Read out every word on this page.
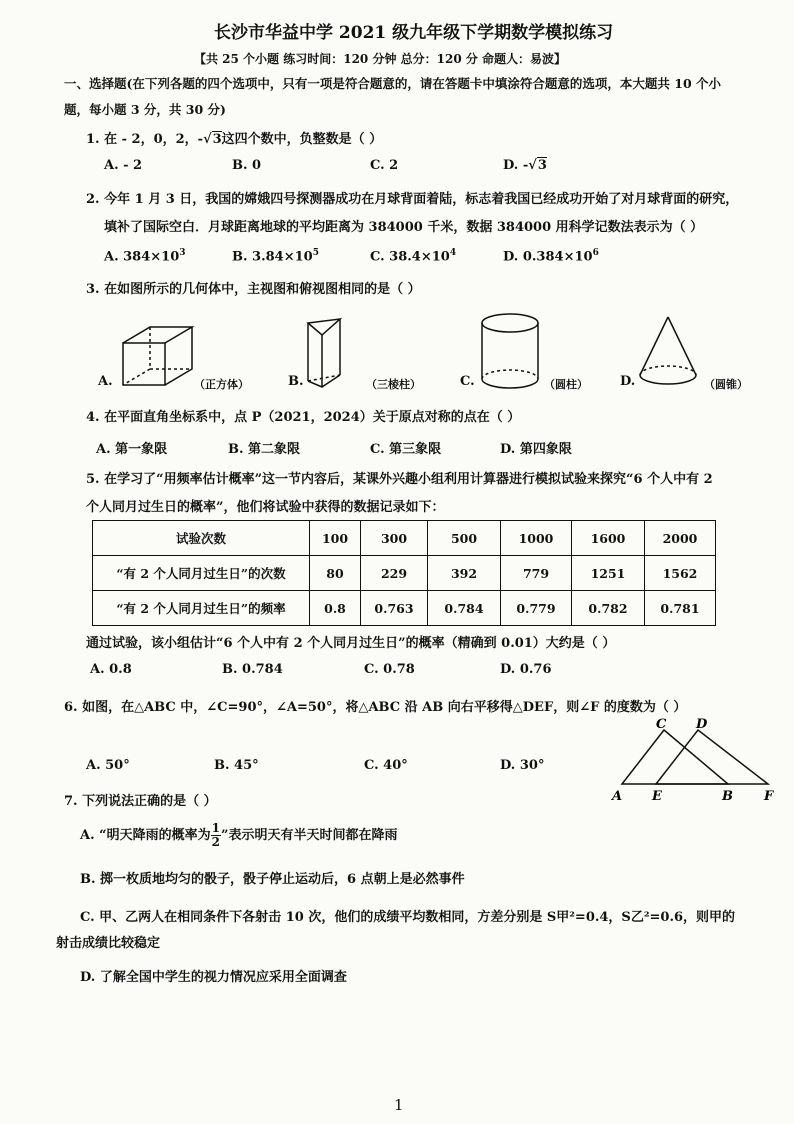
长沙市华益中学 2021 级九年级下学期数学模拟练习
【共 25 个小题 练习时间：120 分钟 总分：120 分 命题人：易波】
一、选择题(在下列各题的四个选项中，只有一项是符合题意的，请在答题卡中填涂符合题意的选项，本大题共 10 个小
题，每小题 3 分，共 30 分)
1. 在 - 2，0，2，-√3这四个数中，负整数是（ ）
A. - 2	B. 0	C. 2	D. -√3
2. 今年 1 月 3 日，我国的嫦娥四号探测器成功在月球背面着陆，标志着我国已经成功开始了对月球背面的研究，
填补了国际空白．月球距离地球的平均距离为 384000 千米，数据 384000 用科学记数法表示为（ ）
A. $384\times 10^3$	B. $3.84\times 10^5$	C. $38.4\times 10^4$	D. $0.384\times 10^6$
3. 在如图所示的几何体中，主视图和俯视图相同的是（ ）
A.	（正方体）	B.	（三棱柱）	C.	（圆柱） D.	（圆锥）
4. 在平面直角坐标系中，点 P（2021，2024）关于原点对称的点在（ ）
A. 第一象限	B. 第二象限	C. 第三象限	D. 第四象限
5. 在学习了“用频率估计概率”这一节内容后，某课外兴趣小组利用计算器进行模拟试验来探究“6 个人中有 2
个人同月过生日的概率”，他们将试验中获得的数据记录如下：
试验次数	100	300	500	1000	1600	2000
“有 2 个人同月过生日”的次数	80	229	392	779	1251	1562
“有 2 个人同月过生日”的频率	0.8	0.763	0.784	0.779	0.782	0.781
通过试验，该小组估计“6 个人中有 2 个人同月过生日”的概率（精确到 0.01）大约是（ ）
A. 0.8	B. 0.784	C. 0.78	D. 0.76
6. 如图，在△ABC 中，∠C=90°，∠A=50°，将△ABC 沿 AB 向右平移得△DEF，则∠F 的度数为（ ）
A. 50°	B. 45°	C. 40°	D. 30°
C D
A E	B F
7. 下列说法正确的是（ ）
A. “明天降雨的概率为 $\frac{1}{2}$ ”表示明天有半天时间都在降雨
B. 掷一枚质地均匀的骰子，骰子停止运动后，6 点朝上是必然事件
C. 甲、乙两人在相同条件下各射击 10 次，他们的成绩平均数相同，方差分别是 S甲²=0.4，S乙²=0.6，则甲的
射击成绩比较稳定
D. 了解全国中学生的视力情况应采用全面调查
1
